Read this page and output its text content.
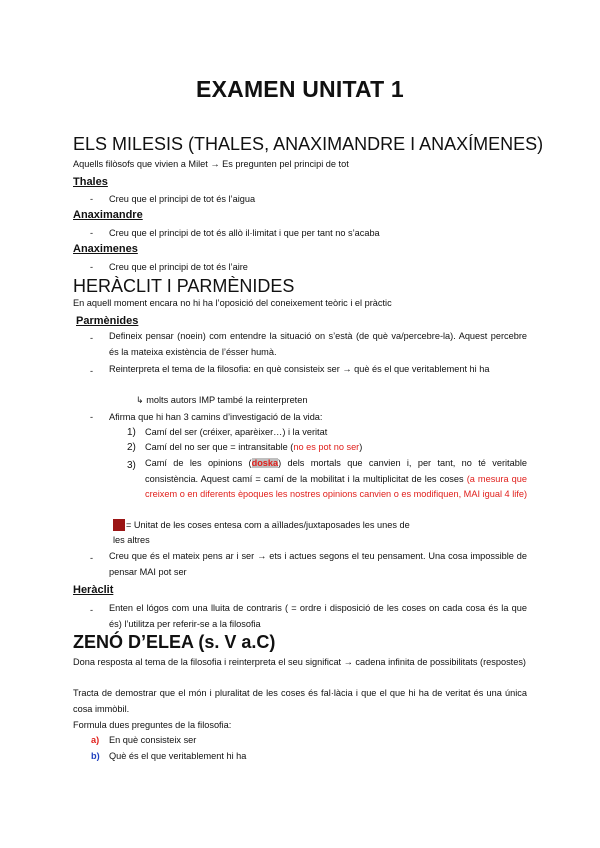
EXAMEN UNITAT 1
ELS MILESIS (THALES, ANAXIMANDRE I ANAXÍMENES)
Aquells filòsofs que vivien a Milet → Es pregunten pel principi de tot
Thales
- Creu que el principi de tot és l’aigua
Anaximandre
- Creu que el principi de tot és allò il·limitat i que per tant no s’acaba
Anaximenes
- Creu que el principi de tot és l’aire
HERÀCLIT I PARMÈNIDES
En aquell moment encara no hi ha l’oposició del coneixement teòric i el pràctic
Parmènides
- Defineix pensar (noein) com entendre la situació on s’està (de què va/percebre-la). Aquest percebre és la mateixa existència de l’ésser humà.
- Reinterpreta el tema de la filosofia: en què consisteix ser → què és el que veritablement hi ha
↳ molts autors IMP també la reinterpreten
- Afirma que hi han 3 camins d’investigació de la vida:
1) Camí del ser (créixer, aparèixer…) i la veritat
2) Camí del no ser que = intransitable (no es pot no ser)
3) Camí de les opinions (doska) dels mortals que canvien i, per tant, no té veritable consistència. Aquest camí = camí de la mobilitat i la multiplicitat de les coses (a mesura que creixem o en diferents èpoques les nostres opinions canvien o es modifiquen, MAI igual 4 life)
= Unitat de les coses entesa com a aïllades/juxtaposades les unes de
les altres
- Creu que és el mateix pens ar i ser → ets i actues segons el teu pensament. Una cosa impossible de pensar MAI pot ser
Heràclit
- Enten el lógos com una lluita de contraris ( = ordre i disposició de les coses on cada cosa és la que és) l’utilitza per referir-se a la filosofia
ZENÓ D’ELEA (s. V a.C)
Dona resposta al tema de la filosofia i reinterpreta el seu significat → cadena infinita de possibilitats (respostes)
Tracta de demostrar que el món i pluralitat de les coses és fal·làcia i que el que hi ha de veritat és una única cosa immòbil.
Formula dues preguntes de la filosofia:
a) En què consisteix ser
b) Què és el que veritablement hi ha
